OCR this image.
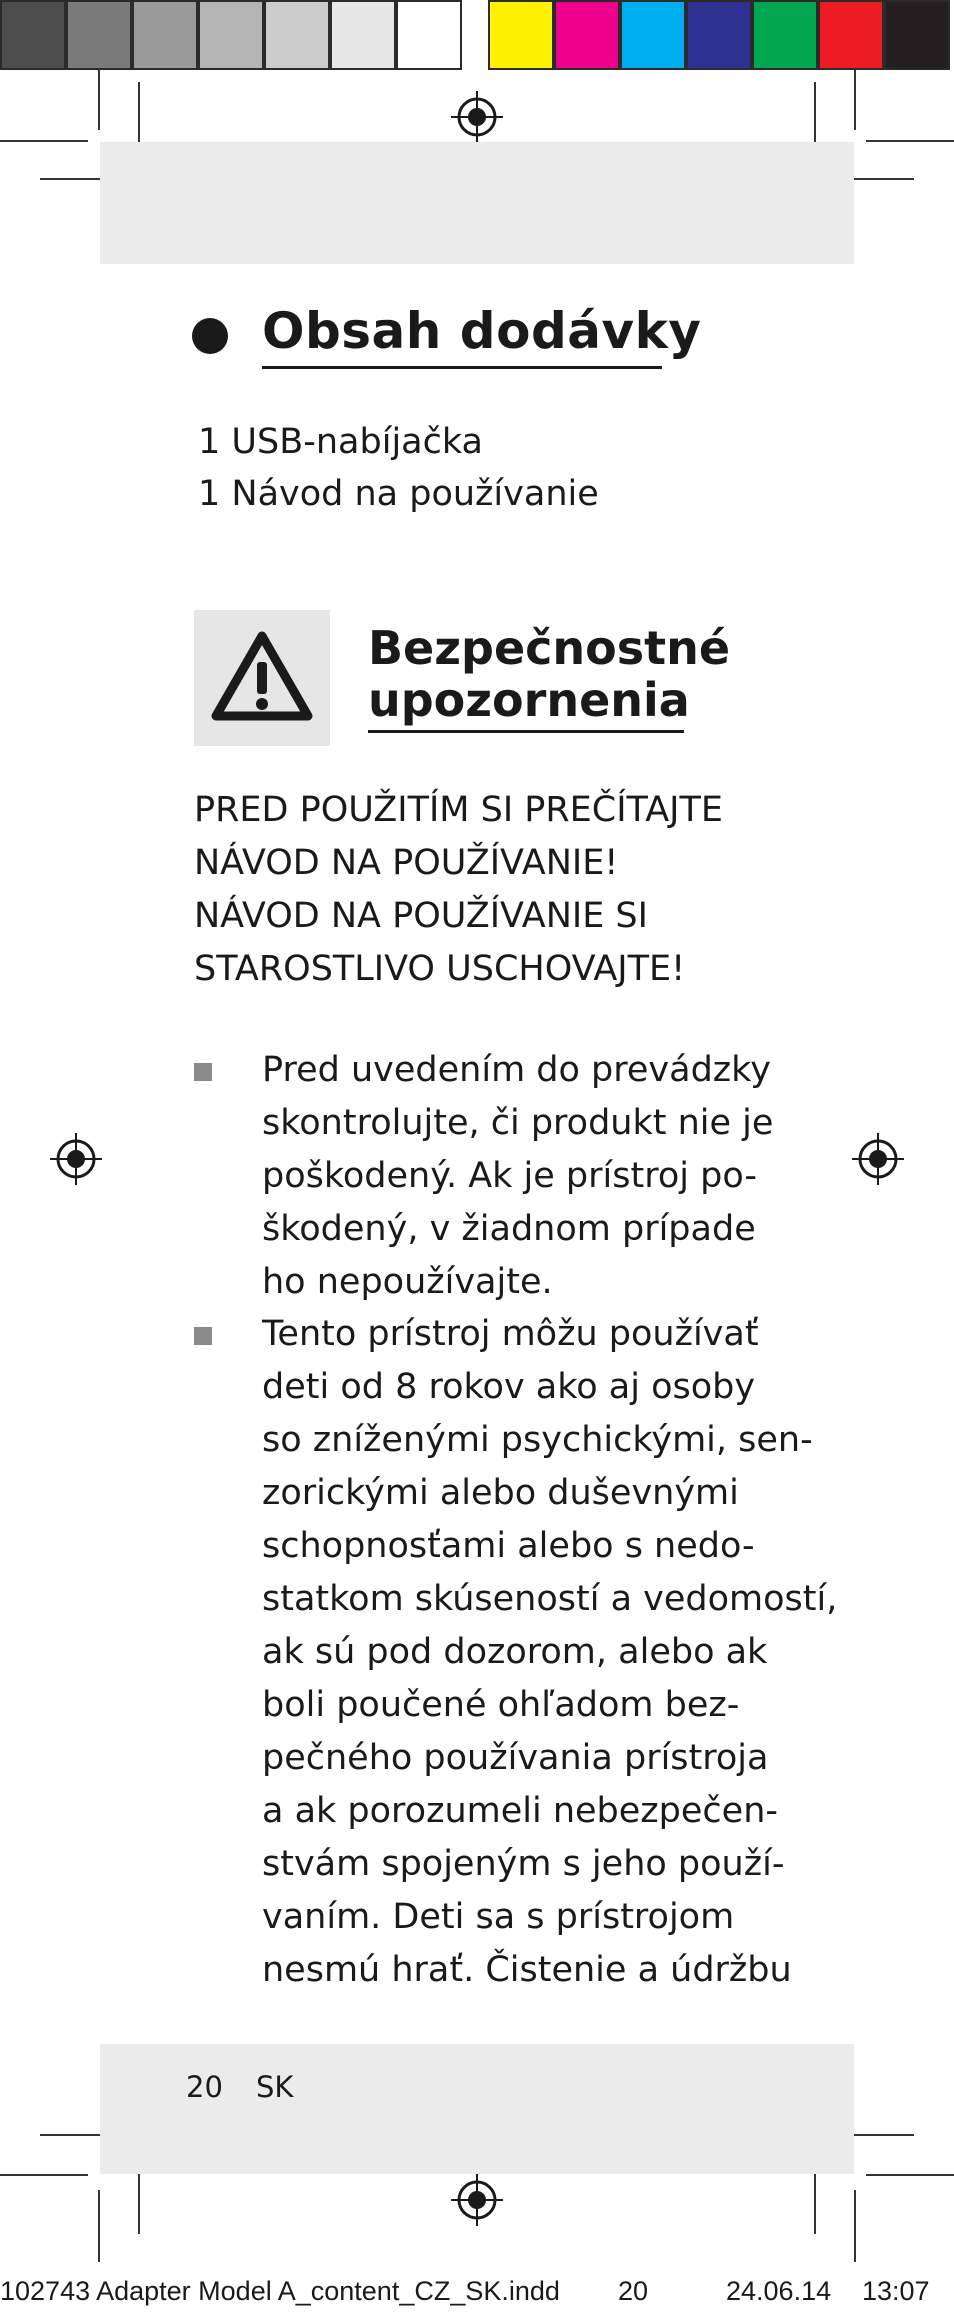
Obsah dodávky
1 USB-nabíjačka
1 Návod na používanie
Bezpečnostné
upozornenia
PRED POUŽITÍM SI PREČÍTAJTE
NÁVOD NA POUŽÍVANIE!
NÁVOD NA POUŽÍVANIE SI
STAROSTLIVO USCHOVAJTE!
Pred uvedením do prevádzky
skontrolujte, či produkt nie je
poškodený. Ak je prístroj po-
škodený, v žiadnom prípade
ho nepoužívajte.
Tento prístroj môžu používať
deti od 8 rokov ako aj osoby
so zníženými psychickými, sen-
zorickými alebo duševnými
schopnosťami alebo s nedo-
statkom skúseností a vedomostí,
ak sú pod dozorom, alebo ak
boli poučené ohľadom bez-
pečného používania prístroja
a ak porozumeli nebezpečen-
stvám spojeným s jeho použí-
vaním. Deti sa s prístrojom
nesmú hrať. Čistenie a údržbu
20 SK
102743 Adapter Model A_content_CZ_SK.indd 20	24.06.14 13:07
